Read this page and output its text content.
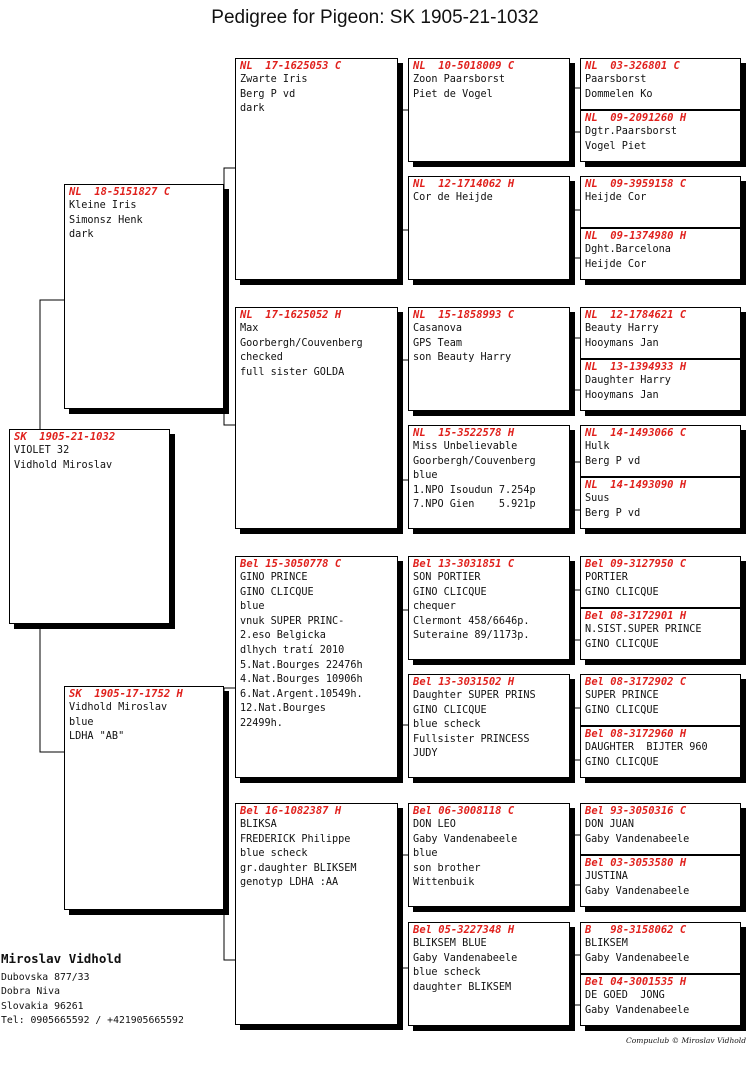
Pedigree for Pigeon: SK 1905-21-1032
SK  1905-21-1032
VIOLET 32
Vidhold Miroslav
NL  18-5151827 C
Kleine Iris
Simonsz Henk
dark
SK  1905-17-1752 H
Vidhold Miroslav
blue
LDHA "AB"
NL  17-1625053 C
Zwarte Iris
Berg P vd
dark
NL  17-1625052 H
Max
Goorbergh/Couvenberg
checked
full sister GOLDA
Bel 15-3050778 C
GINO PRINCE
GINO CLICQUE
blue
vnuk SUPER PRINC-
2.eso Belgicka
dlhych tratí 2010
5.Nat.Bourges 22476h
4.Nat.Bourges 10906h
6.Nat.Argent.10549h.
12.Nat.Bourges
22499h.
Bel 16-1082387 H
BLIKSA
FREDERICK Philippe
blue scheck
gr.daughter BLIKSEM
genotyp LDHA :AA
NL  10-5018009 C
Zoon Paarsborst
Piet de Vogel
NL  12-1714062 H
Cor de Heijde
NL  15-1858993 C
Casanova
GPS Team
son Beauty Harry
NL  15-3522578 H
Miss Unbelievable
Goorbergh/Couvenberg
blue
1.NPO Isoudun 7.254p
7.NPO Gien    5.921p
Bel 13-3031851 C
SON PORTIER
GINO CLICQUE
chequer
Clermont 458/6646p.
Suteraine 89/1173p.
Bel 13-3031502 H
Daughter SUPER PRINS
GINO CLICQUE
blue scheck
Fullsister PRINCESS
JUDY
Bel 06-3008118 C
DON LEO
Gaby Vandenabeele
blue
son brother
Wittenbuik
Bel 05-3227348 H
BLIKSEM BLUE
Gaby Vandenabeele
blue scheck
daughter BLIKSEM
NL  03-326801 C
Paarsborst
Dommelen Ko
NL  09-2091260 H
Dgtr.Paarsborst
Vogel Piet
NL  09-3959158 C
Heijde Cor
NL  09-1374980 H
Dght.Barcelona
Heijde Cor
NL  12-1784621 C
Beauty Harry
Hooymans Jan
NL  13-1394933 H
Daughter Harry
Hooymans Jan
NL  14-1493066 C
Hulk
Berg P vd
NL  14-1493090 H
Suus
Berg P vd
Bel 09-3127950 C
PORTIER
GINO CLICQUE
Bel 08-3172901 H
N.SIST.SUPER PRINCE
GINO CLICQUE
Bel 08-3172902 C
SUPER PRINCE
GINO CLICQUE
Bel 08-3172960 H
DAUGHTER  BIJTER 960
GINO CLICQUE
Bel 93-3050316 C
DON JUAN
Gaby Vandenabeele
Bel 03-3053580 H
JUSTINA
Gaby Vandenabeele
B   98-3158062 C
BLIKSEM
Gaby Vandenabeele
Bel 04-3001535 H
DE GOED  JONG
Gaby Vandenabeele
Miroslav Vidhold
Dubovska 877/33
Dobra Niva
Slovakia 96261
Tel: 0905665592 / +421905665592
Compuclub © Miroslav Vidhold
